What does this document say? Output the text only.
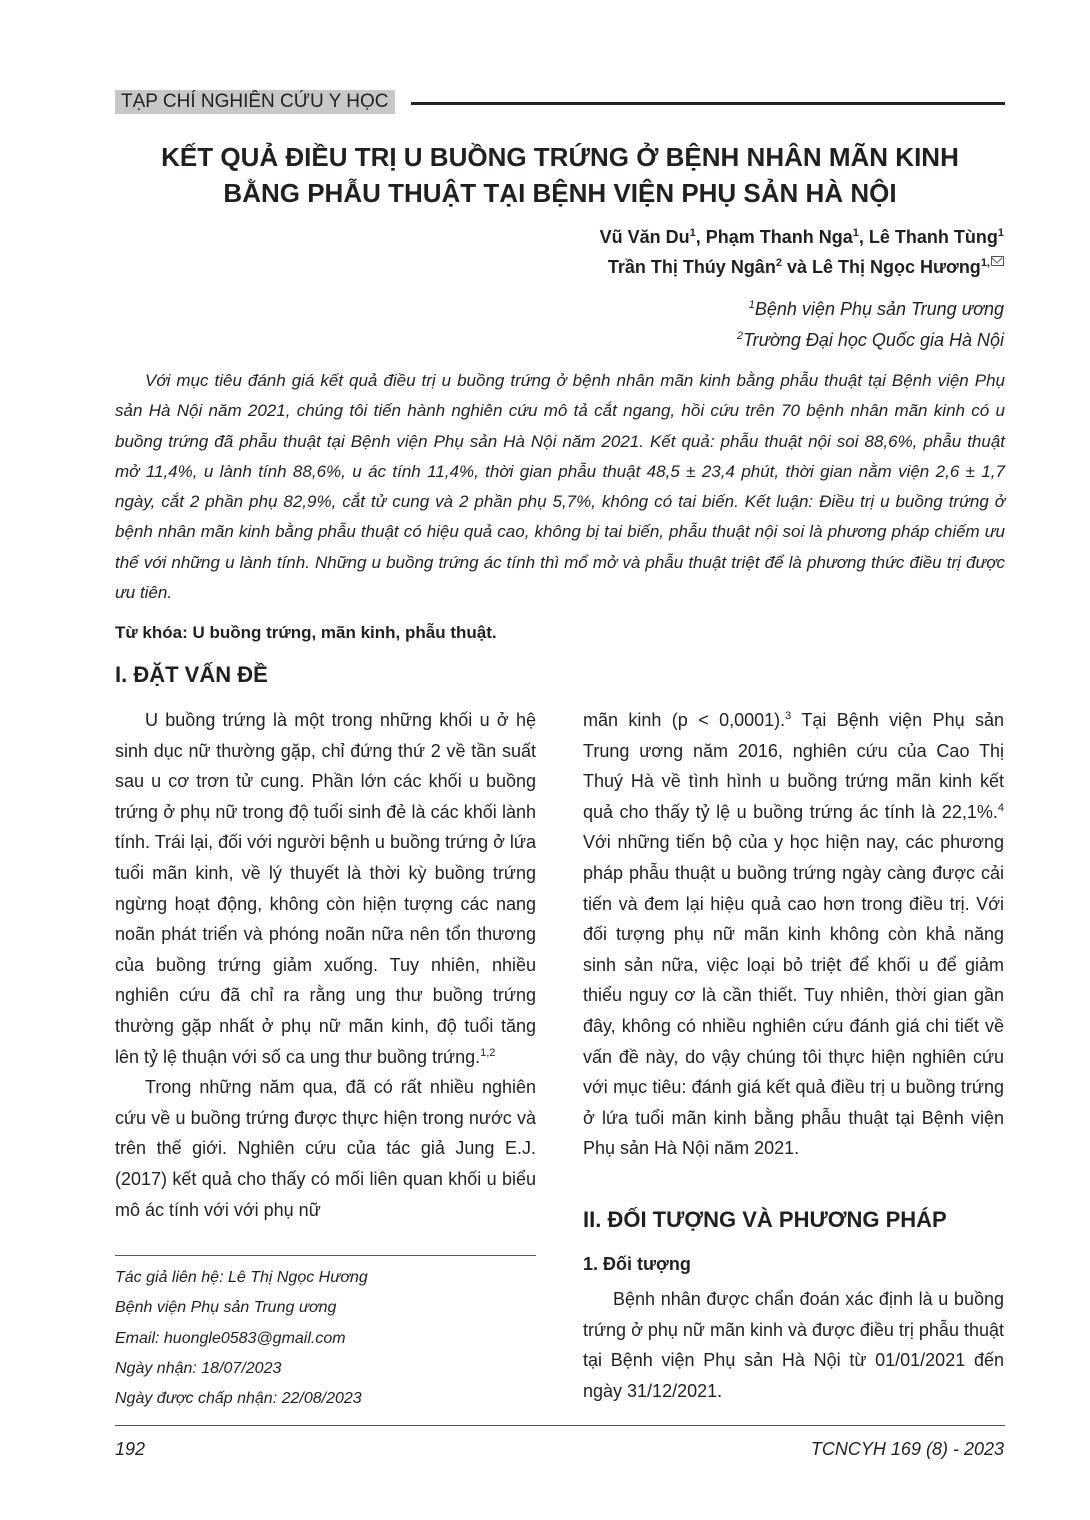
TẠP CHÍ NGHIÊN CỨU Y HỌC
KẾT QUẢ ĐIỀU TRỊ U BUỒNG TRỨNG Ở BỆNH NHÂN MÃN KINH
BẰNG PHẪU THUẬT TẠI BỆNH VIỆN PHỤ SẢN HÀ NỘI
Vũ Văn Du$^1$, Phạm Thanh Nga$^1$, Lê Thanh Tùng$^1$
Trần Thị Thúy Ngân$^2$ và Lê Thị Ngọc Hương$^{1,}$
$^1$Bệnh viện Phụ sản Trung ương
$^2$Trường Đại học Quốc gia Hà Nội

Với mục tiêu đánh giá kết quả điều trị u buồng trứng ở bệnh nhân mãn kinh bằng phẫu thuật tại Bệnh viện Phụ sản Hà Nội năm 2021, chúng tôi tiến hành nghiên cứu mô tả cắt ngang, hồi cứu trên 70 bệnh nhân mãn kinh có u buồng trứng đã phẫu thuật tại Bệnh viện Phụ sản Hà Nội năm 2021. Kết quả: phẫu thuật nội soi 88,6%, phẫu thuật mở 11,4%, u lành tính 88,6%, u ác tính 11,4%, thời gian phẫu thuật 48,5 ± 23,4 phút, thời gian nằm viện 2,6 ± 1,7 ngày, cắt 2 phần phụ 82,9%, cắt tử cung và 2 phần phụ 5,7%, không có tai biến. Kết luận: Điều trị u buồng trứng ở bệnh nhân mãn kinh bằng phẫu thuật có hiệu quả cao, không bị tai biến, phẫu thuật nội soi là phương pháp chiếm ưu thế với những u lành tính. Những u buồng trứng ác tính thì mổ mở và phẫu thuật triệt để là phương thức điều trị được ưu tiên.

Từ khóa: U buồng trứng, mãn kinh, phẫu thuật.
I. ĐẶT VẤN ĐỀ

U buồng trứng là một trong những khối u ở hệ sinh dục nữ thường gặp, chỉ đứng thứ 2 về tần suất sau u cơ trơn tử cung. Phần lớn các khối u buồng trứng ở phụ nữ trong độ tuổi sinh đẻ là các khối lành tính. Trái lại, đối với người bệnh u buồng trứng ở lứa tuổi mãn kinh, về lý thuyết là thời kỳ buồng trứng ngừng hoạt động, không còn hiện tượng các nang noãn phát triển và phóng noãn nữa nên tổn thương của buồng trứng giảm xuống. Tuy nhiên, nhiều nghiên cứu đã chỉ ra rằng ung thư buồng trứng thường gặp nhất ở phụ nữ mãn kinh, độ tuổi tăng lên tỷ lệ thuận với số ca ung thư buồng trứng.$^{1,2}$

Trong những năm qua, đã có rất nhiều nghiên cứu về u buồng trứng được thực hiện trong nước và trên thế giới. Nghiên cứu của tác giả Jung E.J. (2017) kết quả cho thấy có mối liên quan khối u biểu mô ác tính với với phụ nữ

mãn kinh (p < 0,0001).$^3$ Tại Bệnh viện Phụ sản Trung ương năm 2016, nghiên cứu của Cao Thị Thuý Hà về tình hình u buồng trứng mãn kinh kết quả cho thấy tỷ lệ u buồng trứng ác tính là 22,1%.$^4$ Với những tiến bộ của y học hiện nay, các phương pháp phẫu thuật u buồng trứng ngày càng được cải tiến và đem lại hiệu quả cao hơn trong điều trị. Với đối tượng phụ nữ mãn kinh không còn khả năng sinh sản nữa, việc loại bỏ triệt để khối u để giảm thiểu nguy cơ là cần thiết. Tuy nhiên, thời gian gần đây, không có nhiều nghiên cứu đánh giá chi tiết về vấn đề này, do vậy chúng tôi thực hiện nghiên cứu với mục tiêu: đánh giá kết quả điều trị u buồng trứng ở lứa tuổi mãn kinh bằng phẫu thuật tại Bệnh viện Phụ sản Hà Nội năm 2021.

II. ĐỐI TƯỢNG VÀ PHƯƠNG PHÁP
1. Đối tượng

Bệnh nhân được chẩn đoán xác định là u buồng trứng ở phụ nữ mãn kinh và được điều trị phẫu thuật tại Bệnh viện Phụ sản Hà Nội từ 01/01/2021 đến ngày 31/12/2021.

Tác giả liên hệ: Lê Thị Ngọc Hương
Bệnh viện Phụ sản Trung ương
Email: huongle0583@gmail.com
Ngày nhận: 18/07/2023
Ngày được chấp nhận: 22/08/2023
192	TCNCYH 169 (8) - 2023
